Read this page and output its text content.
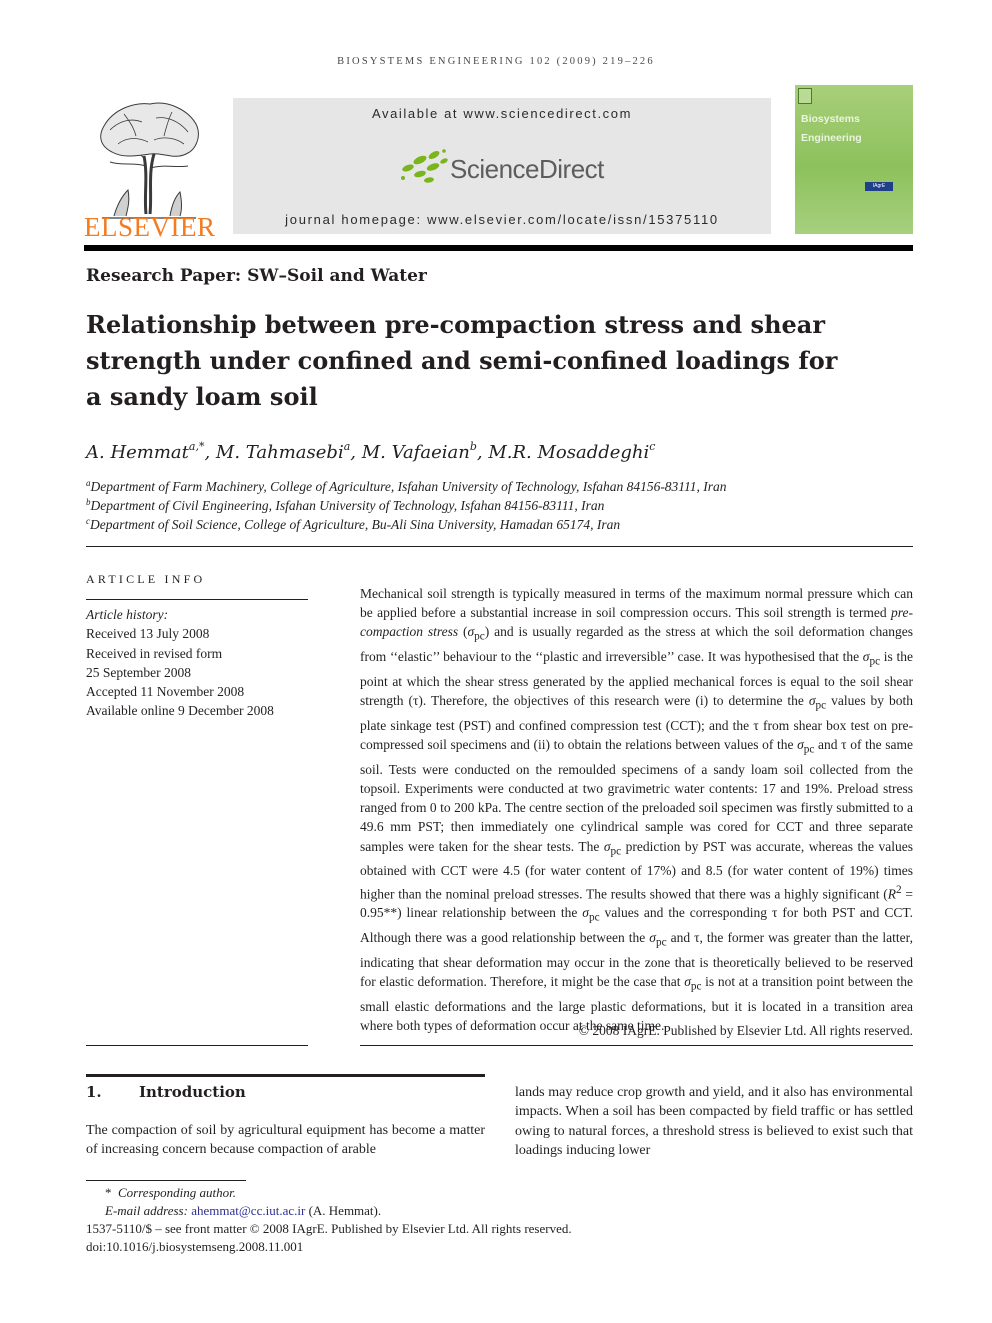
BIOSYSTEMS ENGINEERING 102 (2009) 219–226
ELSEVIER
Available at www.sciencedirect.com
ScienceDirect
journal homepage: www.elsevier.com/locate/issn/15375110
Biosystems Engineering
IAgrE
Research Paper: SW–Soil and Water
Relationship between pre-compaction stress and shear
strength under confined and semi-confined loadings for
a sandy loam soil
A. Hemmat$^{a,*}$, M. Tahmasebi$^a$, M. Vafaeian$^b$, M.R. Mosaddeghi$^c$
$^a$Department of Farm Machinery, College of Agriculture, Isfahan University of Technology, Isfahan 84156-83111, Iran
$^b$Department of Civil Engineering, Isfahan University of Technology, Isfahan 84156-83111, Iran
$^c$Department of Soil Science, College of Agriculture, Bu-Ali Sina University, Hamadan 65174, Iran
ARTICLE INFO
Article history:
Received 13 July 2008
Received in revised form
25 September 2008
Accepted 11 November 2008
Available online 9 December 2008
Mechanical soil strength is typically measured in terms of the maximum normal pressure which can be applied before a substantial increase in soil compression occurs. This soil strength is termed pre-compaction stress $(\sigma_{pc})$ and is usually regarded as the stress at which the soil deformation changes from ‘‘elastic’’ behaviour to the ‘‘plastic and irreversible’’ case. It was hypothesised that the $\sigma_{pc}$ is the point at which the shear stress generated by the applied mechanical forces is equal to the soil shear strength (τ). Therefore, the objectives of this research were (i) to determine the $\sigma_{pc}$ values by both plate sinkage test (PST) and confined compression test (CCT); and the τ from shear box test on pre-compressed soil specimens and (ii) to obtain the relations between values of the $\sigma_{pc}$ and τ of the same soil. Tests were conducted on the remoulded specimens of a sandy loam soil collected from the topsoil. Experiments were conducted at two gravimetric water contents: 17 and 19%. Preload stress ranged from 0 to 200 kPa. The centre section of the preloaded soil specimen was firstly submitted to a 49.6 mm PST; then immediately one cylindrical sample was cored for CCT and three separate samples were taken for the shear tests. The $\sigma_{pc}$ prediction by PST was accurate, whereas the values obtained with CCT were 4.5 (for water content of 17%) and 8.5 (for water content of 19%) times higher than the nominal preload stresses. The results showed that there was a highly significant $(R^2 = 0.95**)$ linear relationship between the $\sigma_{pc}$ values and the corresponding τ for both PST and CCT. Although there was a good relationship between the $\sigma_{pc}$ and τ, the former was greater than the latter, indicating that shear deformation may occur in the zone that is theoretically believed to be reserved for elastic deformation. Therefore, it might be the case that $\sigma_{pc}$ is not at a transition point between the small elastic deformations and the large plastic deformations, but it is located in a transition area where both types of deformation occur at the same time.
© 2008 IAgrE. Published by Elsevier Ltd. All rights reserved.
1. Introduction
The compaction of soil by agricultural equipment has become a matter of increasing concern because compaction of arable
lands may reduce crop growth and yield, and it also has environmental impacts. When a soil has been compacted by field traffic or has settled owing to natural forces, a threshold stress is believed to exist such that loadings inducing lower
* Corresponding author.
E-mail address: ahemmat@cc.iut.ac.ir (A. Hemmat).
1537-5110/$ – see front matter © 2008 IAgrE. Published by Elsevier Ltd. All rights reserved.
doi:10.1016/j.biosystemseng.2008.11.001
